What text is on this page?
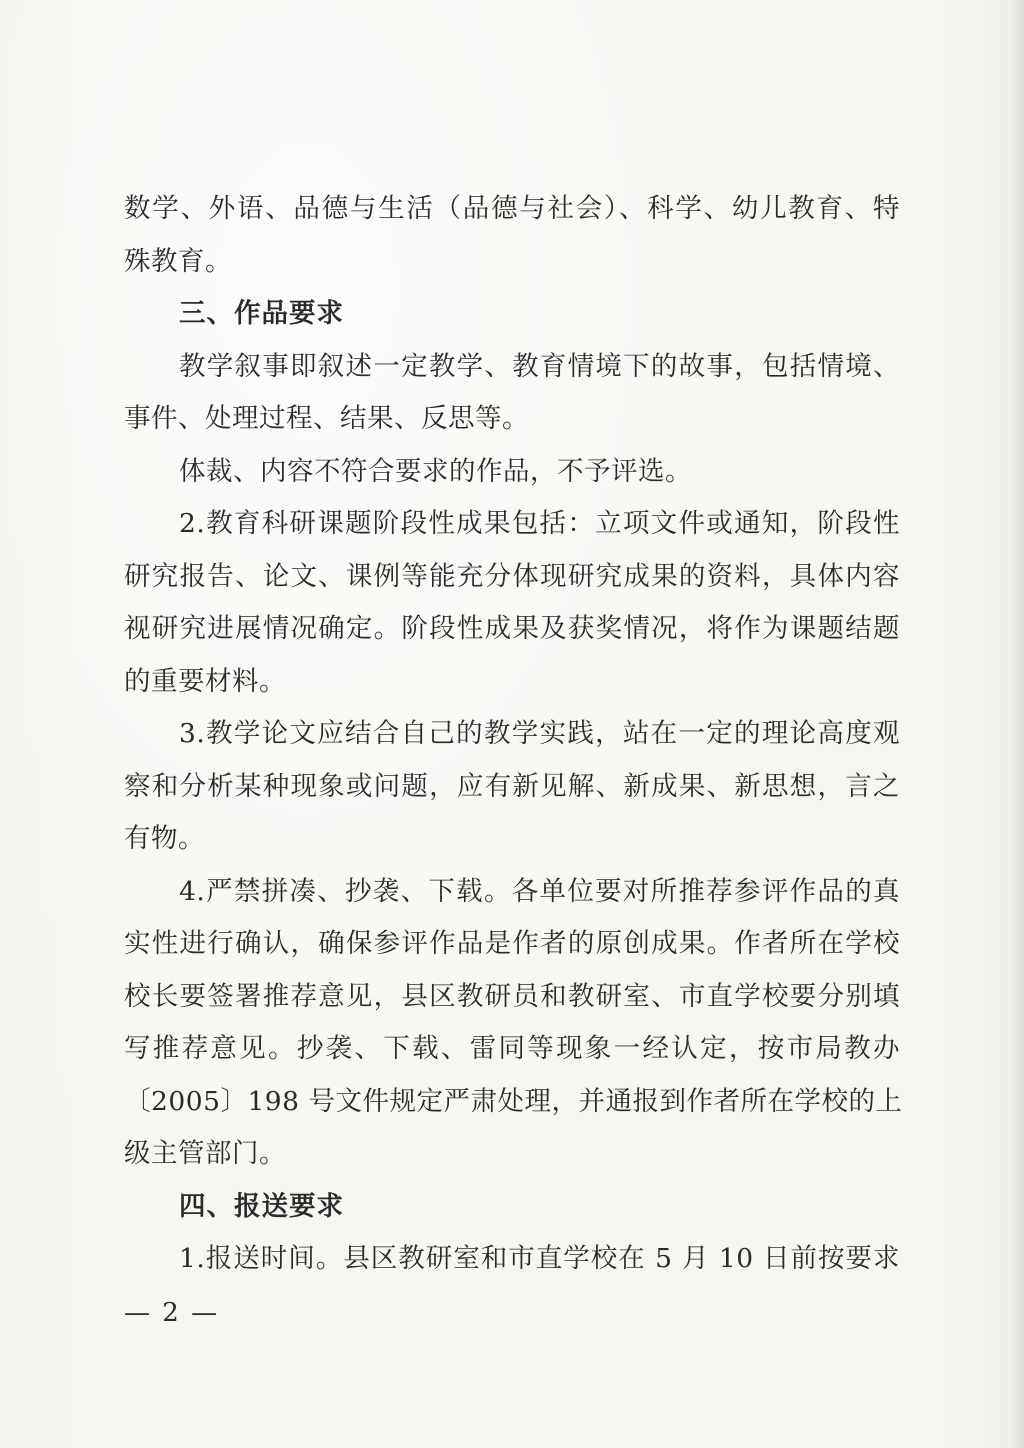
数学、外语、品德与生活（品德与社会）、科学、幼儿教育、特
殊教育。
三、作品要求
教学叙事即叙述一定教学、教育情境下的故事，包括情境、
事件、处理过程、结果、反思等。
体裁、内容不符合要求的作品，不予评选。
2.教育科研课题阶段性成果包括：立项文件或通知，阶段性
研究报告、论文、课例等能充分体现研究成果的资料，具体内容
视研究进展情况确定。阶段性成果及获奖情况，将作为课题结题
的重要材料。
3.教学论文应结合自己的教学实践，站在一定的理论高度观
察和分析某种现象或问题，应有新见解、新成果、新思想，言之
有物。
4.严禁拼凑、抄袭、下载。各单位要对所推荐参评作品的真
实性进行确认，确保参评作品是作者的原创成果。作者所在学校
校长要签署推荐意见，县区教研员和教研室、市直学校要分别填
写推荐意见。抄袭、下载、雷同等现象一经认定，按市局教办
〔2005〕198 号文件规定严肃处理，并通报到作者所在学校的上
级主管部门。
四、报送要求
1.报送时间。县区教研室和市直学校在 5 月 10 日前按要求
— 2 —
